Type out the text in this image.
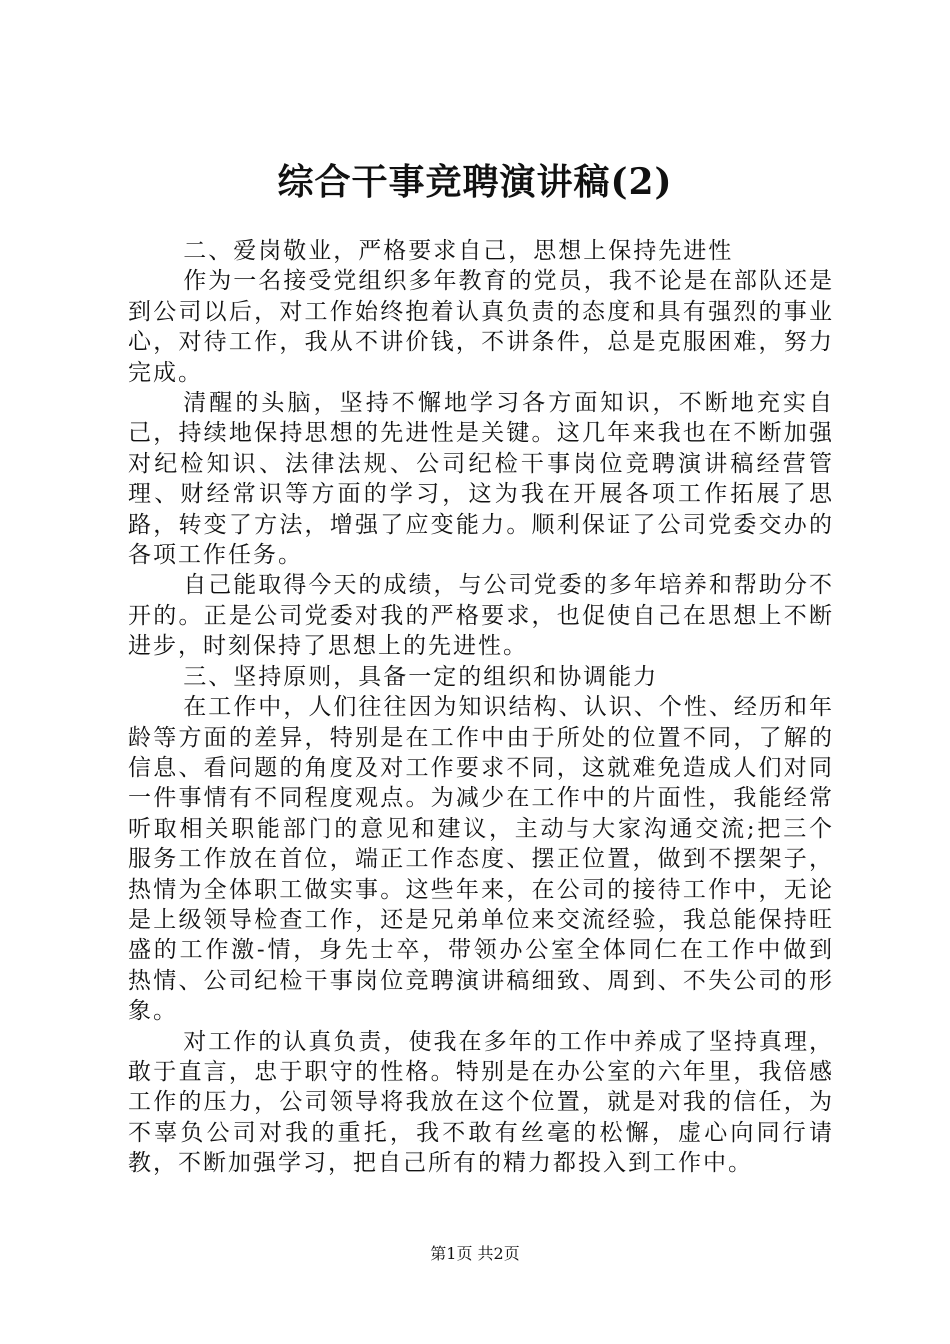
综合干事竞聘演讲稿(2)

二、爱岗敬业，严格要求自己，思想上保持先进性

作为一名接受党组织多年教育的党员，我不论是在部队还是到公司以后，对工作始终抱着认真负责的态度和具有强烈的事业心，对待工作，我从不讲价钱，不讲条件，总是克服困难，努力完成。

清醒的头脑，坚持不懈地学习各方面知识，不断地充实自己，持续地保持思想的先进性是关键。这几年来我也在不断加强对纪检知识、法律法规、公司纪检干事岗位竞聘演讲稿经营管理、财经常识等方面的学习，这为我在开展各项工作拓展了思路，转变了方法，增强了应变能力。顺利保证了公司党委交办的各项工作任务。

自己能取得今天的成绩，与公司党委的多年培养和帮助分不开的。正是公司党委对我的严格要求，也促使自己在思想上不断进步，时刻保持了思想上的先进性。

三、坚持原则，具备一定的组织和协调能力

在工作中，人们往往因为知识结构、认识、个性、经历和年龄等方面的差异，特别是在工作中由于所处的位置不同，了解的信息、看问题的角度及对工作要求不同，这就难免造成人们对同一件事情有不同程度观点。为减少在工作中的片面性，我能经常听取相关职能部门的意见和建议，主动与大家沟通交流;把三个服务工作放在首位，端正工作态度、摆正位置，做到不摆架子，热情为全体职工做实事。这些年来，在公司的接待工作中，无论是上级领导检查工作，还是兄弟单位来交流经验，我总能保持旺盛的工作激-情，身先士卒，带领办公室全体同仁在工作中做到热情、公司纪检干事岗位竞聘演讲稿细致、周到、不失公司的形象。

对工作的认真负责，使我在多年的工作中养成了坚持真理，敢于直言，忠于职守的性格。特别是在办公室的六年里，我倍感工作的压力，公司领导将我放在这个位置，就是对我的信任，为不辜负公司对我的重托，我不敢有丝毫的松懈，虚心向同行请教，不断加强学习，把自己所有的精力都投入到工作中。

第1页 共2页
